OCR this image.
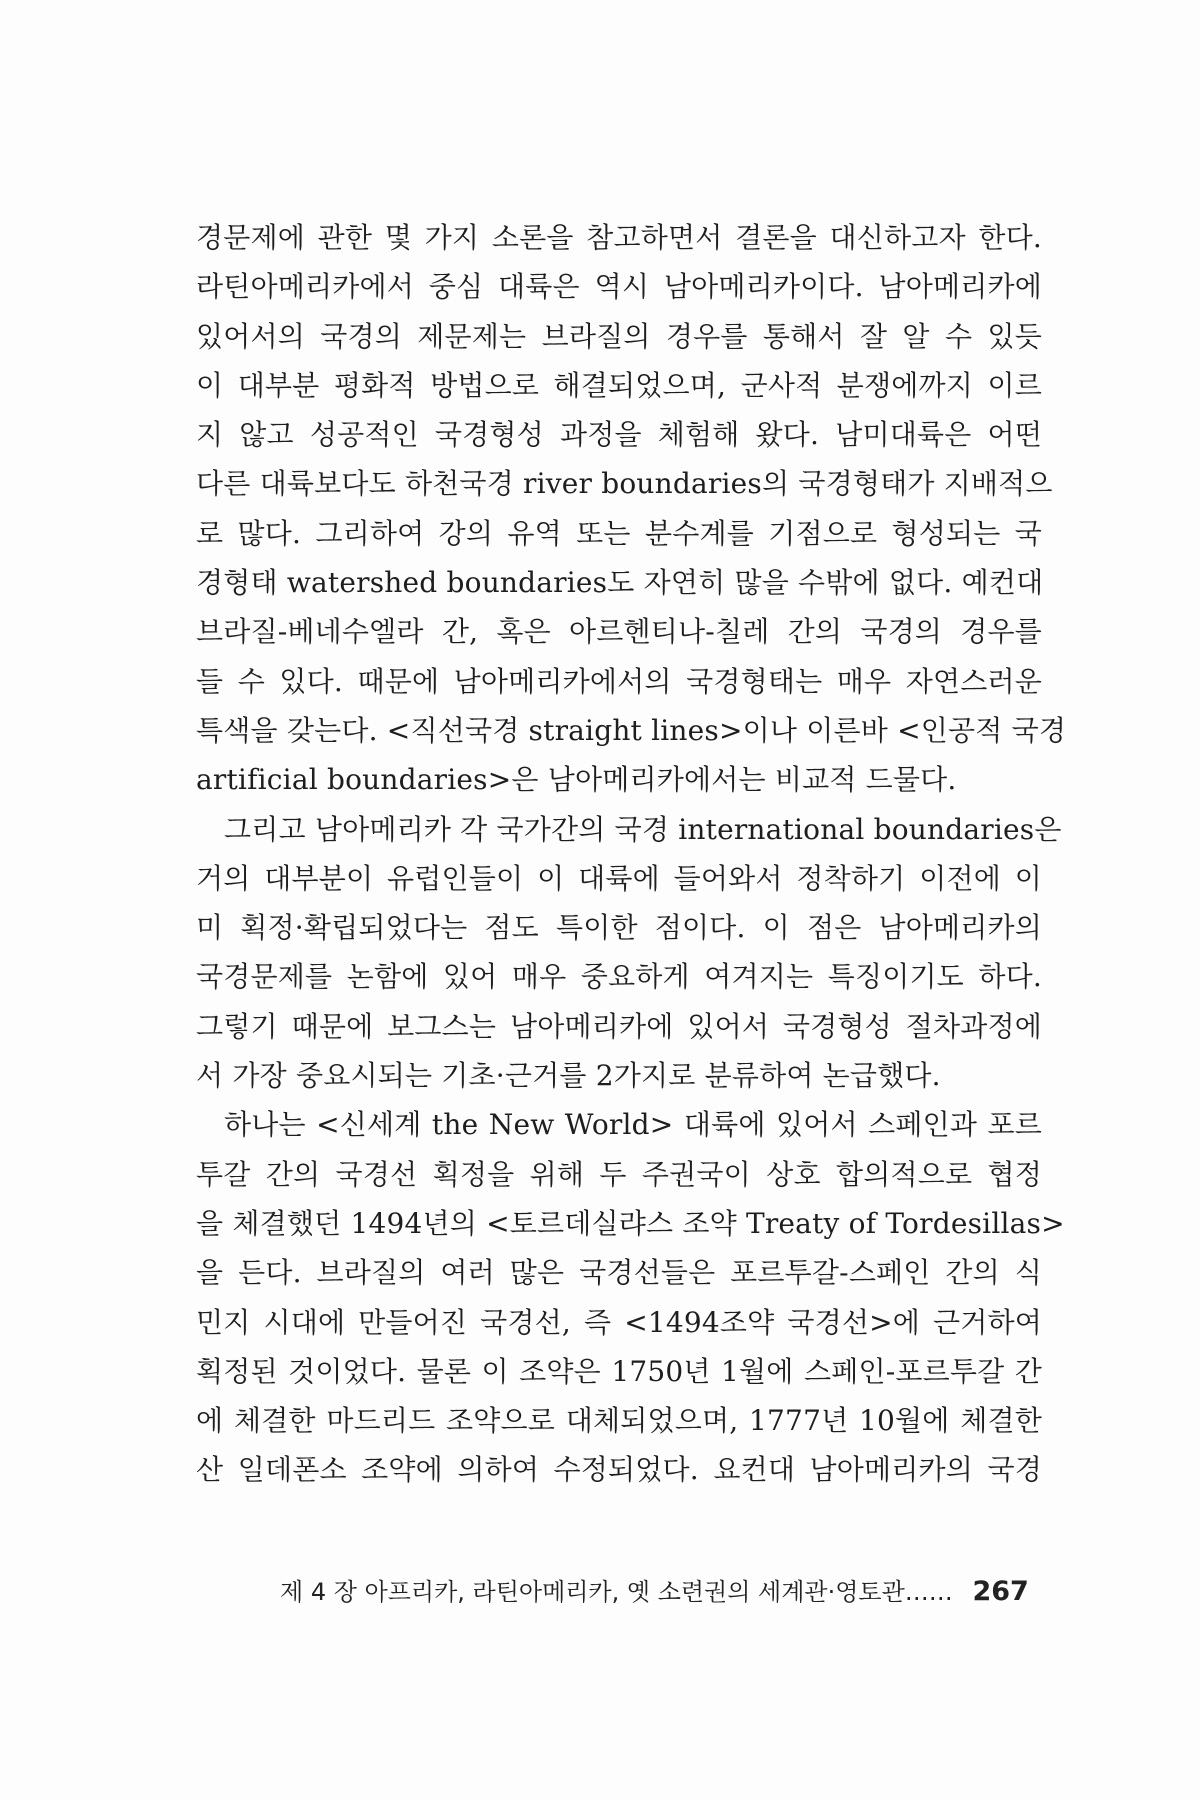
경문제에 관한 몇 가지 소론을 참고하면서 결론을 대신하고자 한다.
라틴아메리카에서 중심 대륙은 역시 남아메리카이다. 남아메리카에
있어서의 국경의 제문제는 브라질의 경우를 통해서 잘 알 수 있듯
이 대부분 평화적 방법으로 해결되었으며, 군사적 분쟁에까지 이르
지 않고 성공적인 국경형성 과정을 체험해 왔다. 남미대륙은 어떤
다른 대륙보다도 하천국경 river boundaries의 국경형태가 지배적으
로 많다. 그리하여 강의 유역 또는 분수계를 기점으로 형성되는 국
경형태 watershed boundaries도 자연히 많을 수밖에 없다. 예컨대
브라질-베네수엘라 간, 혹은 아르헨티나-칠레 간의 국경의 경우를
들 수 있다. 때문에 남아메리카에서의 국경형태는 매우 자연스러운
특색을 갖는다. <직선국경 straight lines>이나 이른바 <인공적 국경
artificial boundaries>은 남아메리카에서는 비교적 드물다.
그리고 남아메리카 각 국가간의 국경 international boundaries은
거의 대부분이 유럽인들이 이 대륙에 들어와서 정착하기 이전에 이
미 획정·확립되었다는 점도 특이한 점이다. 이 점은 남아메리카의
국경문제를 논함에 있어 매우 중요하게 여겨지는 특징이기도 하다.
그렇기 때문에 보그스는 남아메리카에 있어서 국경형성 절차과정에
서 가장 중요시되는 기초·근거를 2가지로 분류하여 논급했다.
하나는 <신세계 the New World> 대륙에 있어서 스페인과 포르
투갈 간의 국경선 획정을 위해 두 주권국이 상호 합의적으로 협정
을 체결했던 1494년의 <토르데실랴스 조약 Treaty of Tordesillas>
을 든다. 브라질의 여러 많은 국경선들은 포르투갈-스페인 간의 식
민지 시대에 만들어진 국경선, 즉 <1494조약 국경선>에 근거하여
획정된 것이었다. 물론 이 조약은 1750년 1월에 스페인-포르투갈 간
에 체결한 마드리드 조약으로 대체되었으며, 1777년 10월에 체결한
산 일데폰소 조약에 의하여 수정되었다. 요컨대 남아메리카의 국경
제 4 장 아프리카, 라틴아메리카, 옛 소련권의 세계관·영토관…… 267
